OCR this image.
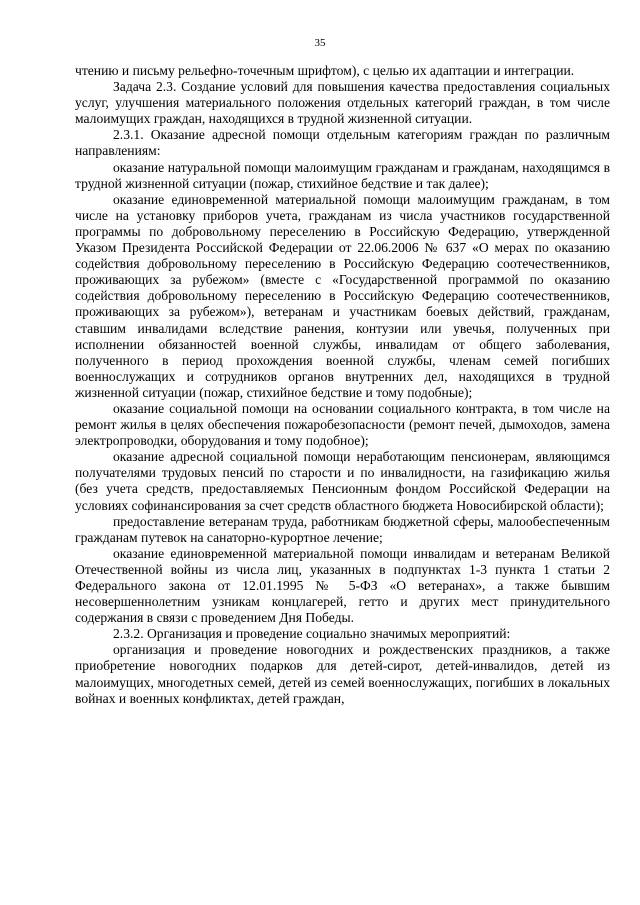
35

чтению и письму рельефно-точечным шрифтом), с целью их адаптации и интеграции.

Задача 2.3. Создание условий для повышения качества предоставления социальных услуг, улучшения материального положения отдельных категорий граждан, в том числе малоимущих граждан, находящихся в трудной жизненной ситуации.

2.3.1. Оказание адресной помощи отдельным категориям граждан по различным направлениям:

оказание натуральной помощи малоимущим гражданам и гражданам, находящимся в трудной жизненной ситуации (пожар, стихийное бедствие и так далее);

оказание единовременной материальной помощи малоимущим гражданам, в том числе на установку приборов учета, гражданам из числа участников государственной программы по добровольному переселению в Российскую Федерацию, утвержденной Указом Президента Российской Федерации от 22.06.2006 № 637 «О мерах по оказанию содействия добровольному переселению в Российскую Федерацию соотечественников, проживающих за рубежом» (вместе с «Государственной программой по оказанию содействия добровольному переселению в Российскую Федерацию соотечественников, проживающих за рубежом»), ветеранам и участникам боевых действий, гражданам, ставшим инвалидами вследствие ранения, контузии или увечья, полученных при исполнении обязанностей военной службы, инвалидам от общего заболевания, полученного в период прохождения военной службы, членам семей погибших военнослужащих и сотрудников органов внутренних дел, находящихся в трудной жизненной ситуации (пожар, стихийное бедствие и тому подобные);

оказание социальной помощи на основании социального контракта, в том числе на ремонт жилья в целях обеспечения пожаробезопасности (ремонт печей, дымоходов, замена электропроводки, оборудования и тому подобное);

оказание адресной социальной помощи неработающим пенсионерам, являющимся получателями трудовых пенсий по старости и по инвалидности, на газификацию жилья (без учета средств, предоставляемых Пенсионным фондом Российской Федерации на условиях софинансирования за счет средств областного бюджета Новосибирской области);

предоставление ветеранам труда, работникам бюджетной сферы, малообеспеченным гражданам путевок на санаторно-курортное лечение;

оказание единовременной материальной помощи инвалидам и ветеранам Великой Отечественной войны из числа лиц, указанных в подпунктах 1-3 пункта 1 статьи 2 Федерального закона от 12.01.1995 № 5-ФЗ «О ветеранах», а также бывшим несовершеннолетним узникам концлагерей, гетто и других мест принудительного содержания в связи с проведением Дня Победы.

2.3.2. Организация и проведение социально значимых мероприятий:

организация и проведение новогодних и рождественских праздников, а также приобретение новогодних подарков для детей-сирот, детей-инвалидов, детей из малоимущих, многодетных семей, детей из семей военнослужащих, погибших в локальных войнах и военных конфликтах, детей граждан,
